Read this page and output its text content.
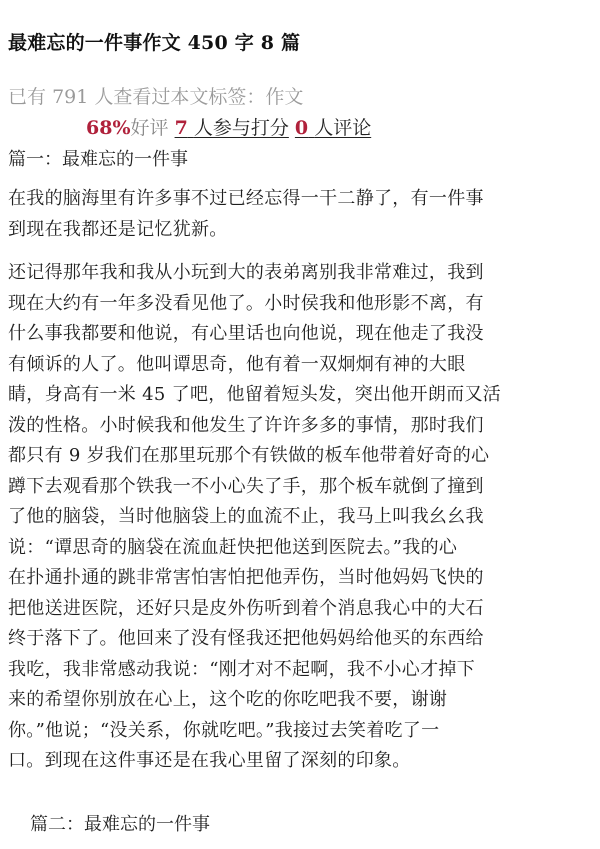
最难忘的一件事作文 450 字 8 篇
已有 791 人查看过本文标签：作文
68%好评 7 人参与打分 0 人评论
篇一：最难忘的一件事
在我的脑海里有许多事不过已经忘得一干二静了，有一件事
到现在我都还是记忆犹新。
还记得那年我和我从小玩到大的表弟离别我非常难过，我到
现在大约有一年多没看见他了。小时侯我和他形影不离，有
什么事我都要和他说，有心里话也向他说，现在他走了我没
有倾诉的人了。他叫谭思奇，他有着一双炯炯有神的大眼
睛，身高有一米 45 了吧，他留着短头发，突出他开朗而又活
泼的性格。小时候我和他发生了许许多多的事情，那时我们
都只有 9 岁我们在那里玩那个有铁做的板车他带着好奇的心
蹲下去观看那个铁我一不小心失了手，那个板车就倒了撞到
了他的脑袋，当时他脑袋上的血流不止，我马上叫我幺幺我
说：“谭思奇的脑袋在流血赶快把他送到医院去。”我的心
在扑通扑通的跳非常害怕害怕把他弄伤，当时他妈妈飞快的
把他送进医院，还好只是皮外伤听到着个消息我心中的大石
终于落下了。他回来了没有怪我还把他妈妈给他买的东西给
我吃，我非常感动我说：“刚才对不起啊，我不小心才掉下
来的希望你别放在心上，这个吃的你吃吧我不要，谢谢
你。”他说；“没关系，你就吃吧。”我接过去笑着吃了一
口。到现在这件事还是在我心里留了深刻的印象。
篇二：最难忘的一件事
